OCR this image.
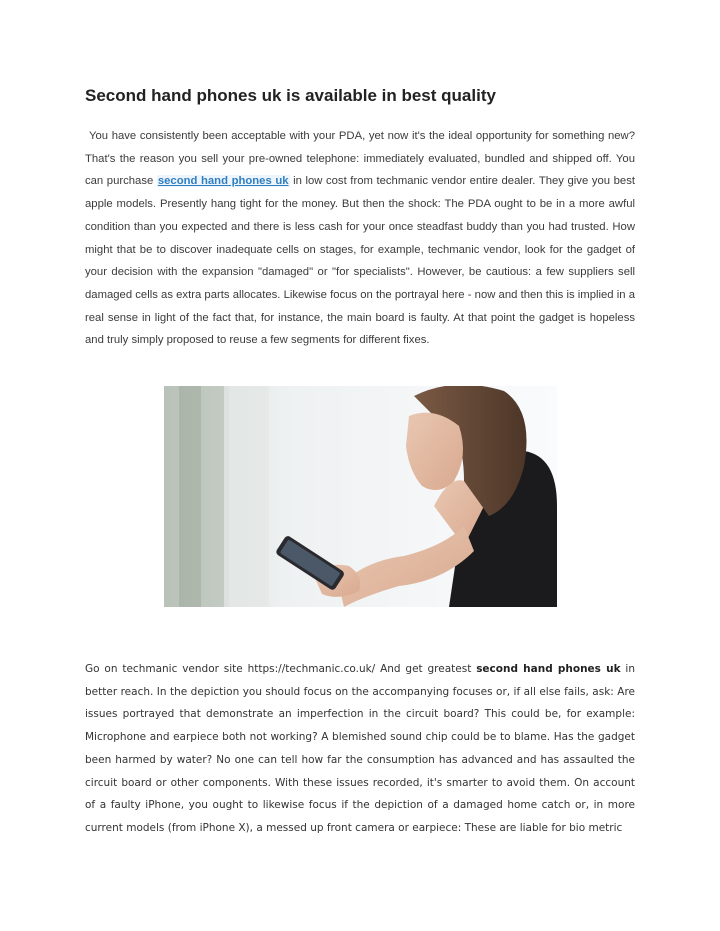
Second hand phones uk is available in best quality

You have consistently been acceptable with your PDA, yet now it's the ideal opportunity for something new? That's the reason you sell your pre-owned telephone: immediately evaluated, bundled and shipped off. You can purchase second hand phones uk in low cost from techmanic vendor entire dealer. They give you best apple models. Presently hang tight for the money. But then the shock: The PDA ought to be in a more awful condition than you expected and there is less cash for your once steadfast buddy than you had trusted. How might that be to discover inadequate cells on stages, for example, techmanic vendor, look for the gadget of your decision with the expansion "damaged" or "for specialists". However, be cautious: a few suppliers sell damaged cells as extra parts allocates. Likewise focus on the portrayal here - now and then this is implied in a real sense in light of the fact that, for instance, the main board is faulty. At that point the gadget is hopeless and truly simply proposed to reuse a few segments for different fixes.

Go on techmanic vendor site https://techmanic.co.uk/ And get greatest second hand phones uk in better reach. In the depiction you should focus on the accompanying focuses or, if all else fails, ask: Are issues portrayed that demonstrate an imperfection in the circuit board? This could be, for example: Microphone and earpiece both not working? A blemished sound chip could be to blame. Has the gadget been harmed by water? No one can tell how far the consumption has advanced and has assaulted the circuit board or other components. With these issues recorded, it's smarter to avoid them. On account of a faulty iPhone, you ought to likewise focus if the depiction of a damaged home catch or, in more current models (from iPhone X), a messed up front camera or earpiece: These are liable for bio metric
